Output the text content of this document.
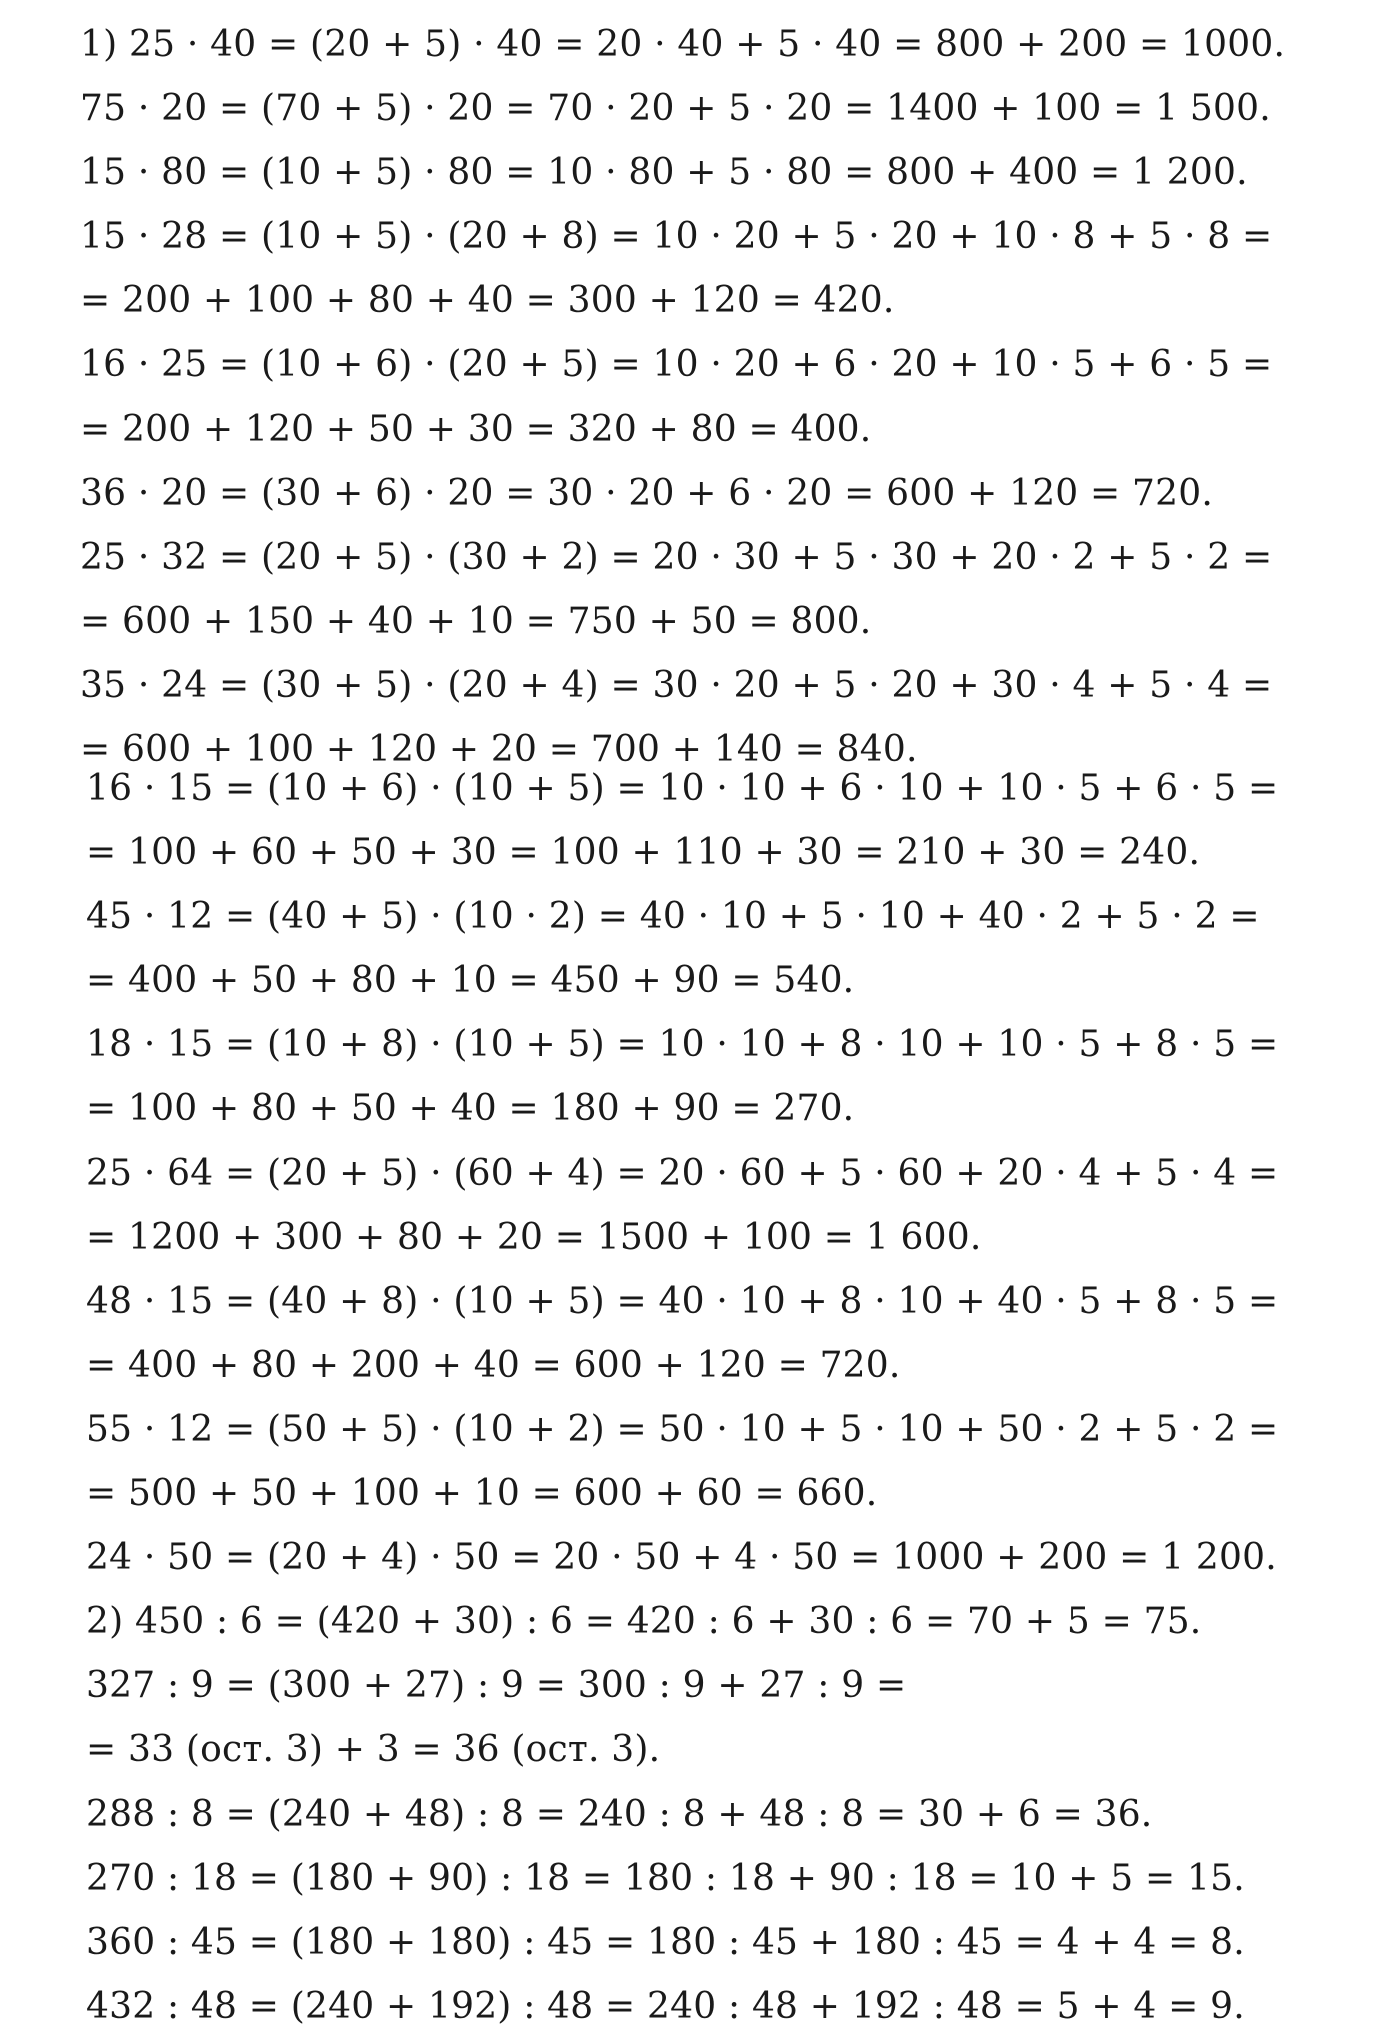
1) 25 · 40 = (20 + 5) · 40 = 20 · 40 + 5 · 40 = 800 + 200 = 1000.
75 · 20 = (70 + 5) · 20 = 70 · 20 + 5 · 20 = 1400 + 100 = 1 500.
15 · 80 = (10 + 5) · 80 = 10 · 80 + 5 · 80 = 800 + 400 = 1 200.
15 · 28 = (10 + 5) · (20 + 8) = 10 · 20 + 5 · 20 + 10 · 8 + 5 · 8 =
= 200 + 100 + 80 + 40 = 300 + 120 = 420.
16 · 25 = (10 + 6) · (20 + 5) = 10 · 20 + 6 · 20 + 10 · 5 + 6 · 5 =
= 200 + 120 + 50 + 30 = 320 + 80 = 400.
36 · 20 = (30 + 6) · 20 = 30 · 20 + 6 · 20 = 600 + 120 = 720.
25 · 32 = (20 + 5) · (30 + 2) = 20 · 30 + 5 · 30 + 20 · 2 + 5 · 2 =
= 600 + 150 + 40 + 10 = 750 + 50 = 800.
35 · 24 = (30 + 5) · (20 + 4) = 30 · 20 + 5 · 20 + 30 · 4 + 5 · 4 =
= 600 + 100 + 120 + 20 = 700 + 140 = 840.
16 · 15 = (10 + 6) · (10 + 5) = 10 · 10 + 6 · 10 + 10 · 5 + 6 · 5 =
= 100 + 60 + 50 + 30 = 100 + 110 + 30 = 210 + 30 = 240.
45 · 12 = (40 + 5) · (10 · 2) = 40 · 10 + 5 · 10 + 40 · 2 + 5 · 2 =
= 400 + 50 + 80 + 10 = 450 + 90 = 540.
18 · 15 = (10 + 8) · (10 + 5) = 10 · 10 + 8 · 10 + 10 · 5 + 8 · 5 =
= 100 + 80 + 50 + 40 = 180 + 90 = 270.
25 · 64 = (20 + 5) · (60 + 4) = 20 · 60 + 5 · 60 + 20 · 4 + 5 · 4 =
= 1200 + 300 + 80 + 20 = 1500 + 100 = 1 600.
48 · 15 = (40 + 8) · (10 + 5) = 40 · 10 + 8 · 10 + 40 · 5 + 8 · 5 =
= 400 + 80 + 200 + 40 = 600 + 120 = 720.
55 · 12 = (50 + 5) · (10 + 2) = 50 · 10 + 5 · 10 + 50 · 2 + 5 · 2 =
= 500 + 50 + 100 + 10 = 600 + 60 = 660.
24 · 50 = (20 + 4) · 50 = 20 · 50 + 4 · 50 = 1000 + 200 = 1 200.
2) 450 : 6 = (420 + 30) : 6 = 420 : 6 + 30 : 6 = 70 + 5 = 75.
327 : 9 = (300 + 27) : 9 = 300 : 9 + 27 : 9 =
= 33 (ост. 3) + 3 = 36 (ост. 3).
288 : 8 = (240 + 48) : 8 = 240 : 8 + 48 : 8 = 30 + 6 = 36.
270 : 18 = (180 + 90) : 18 = 180 : 18 + 90 : 18 = 10 + 5 = 15.
360 : 45 = (180 + 180) : 45 = 180 : 45 + 180 : 45 = 4 + 4 = 8.
432 : 48 = (240 + 192) : 48 = 240 : 48 + 192 : 48 = 5 + 4 = 9.
